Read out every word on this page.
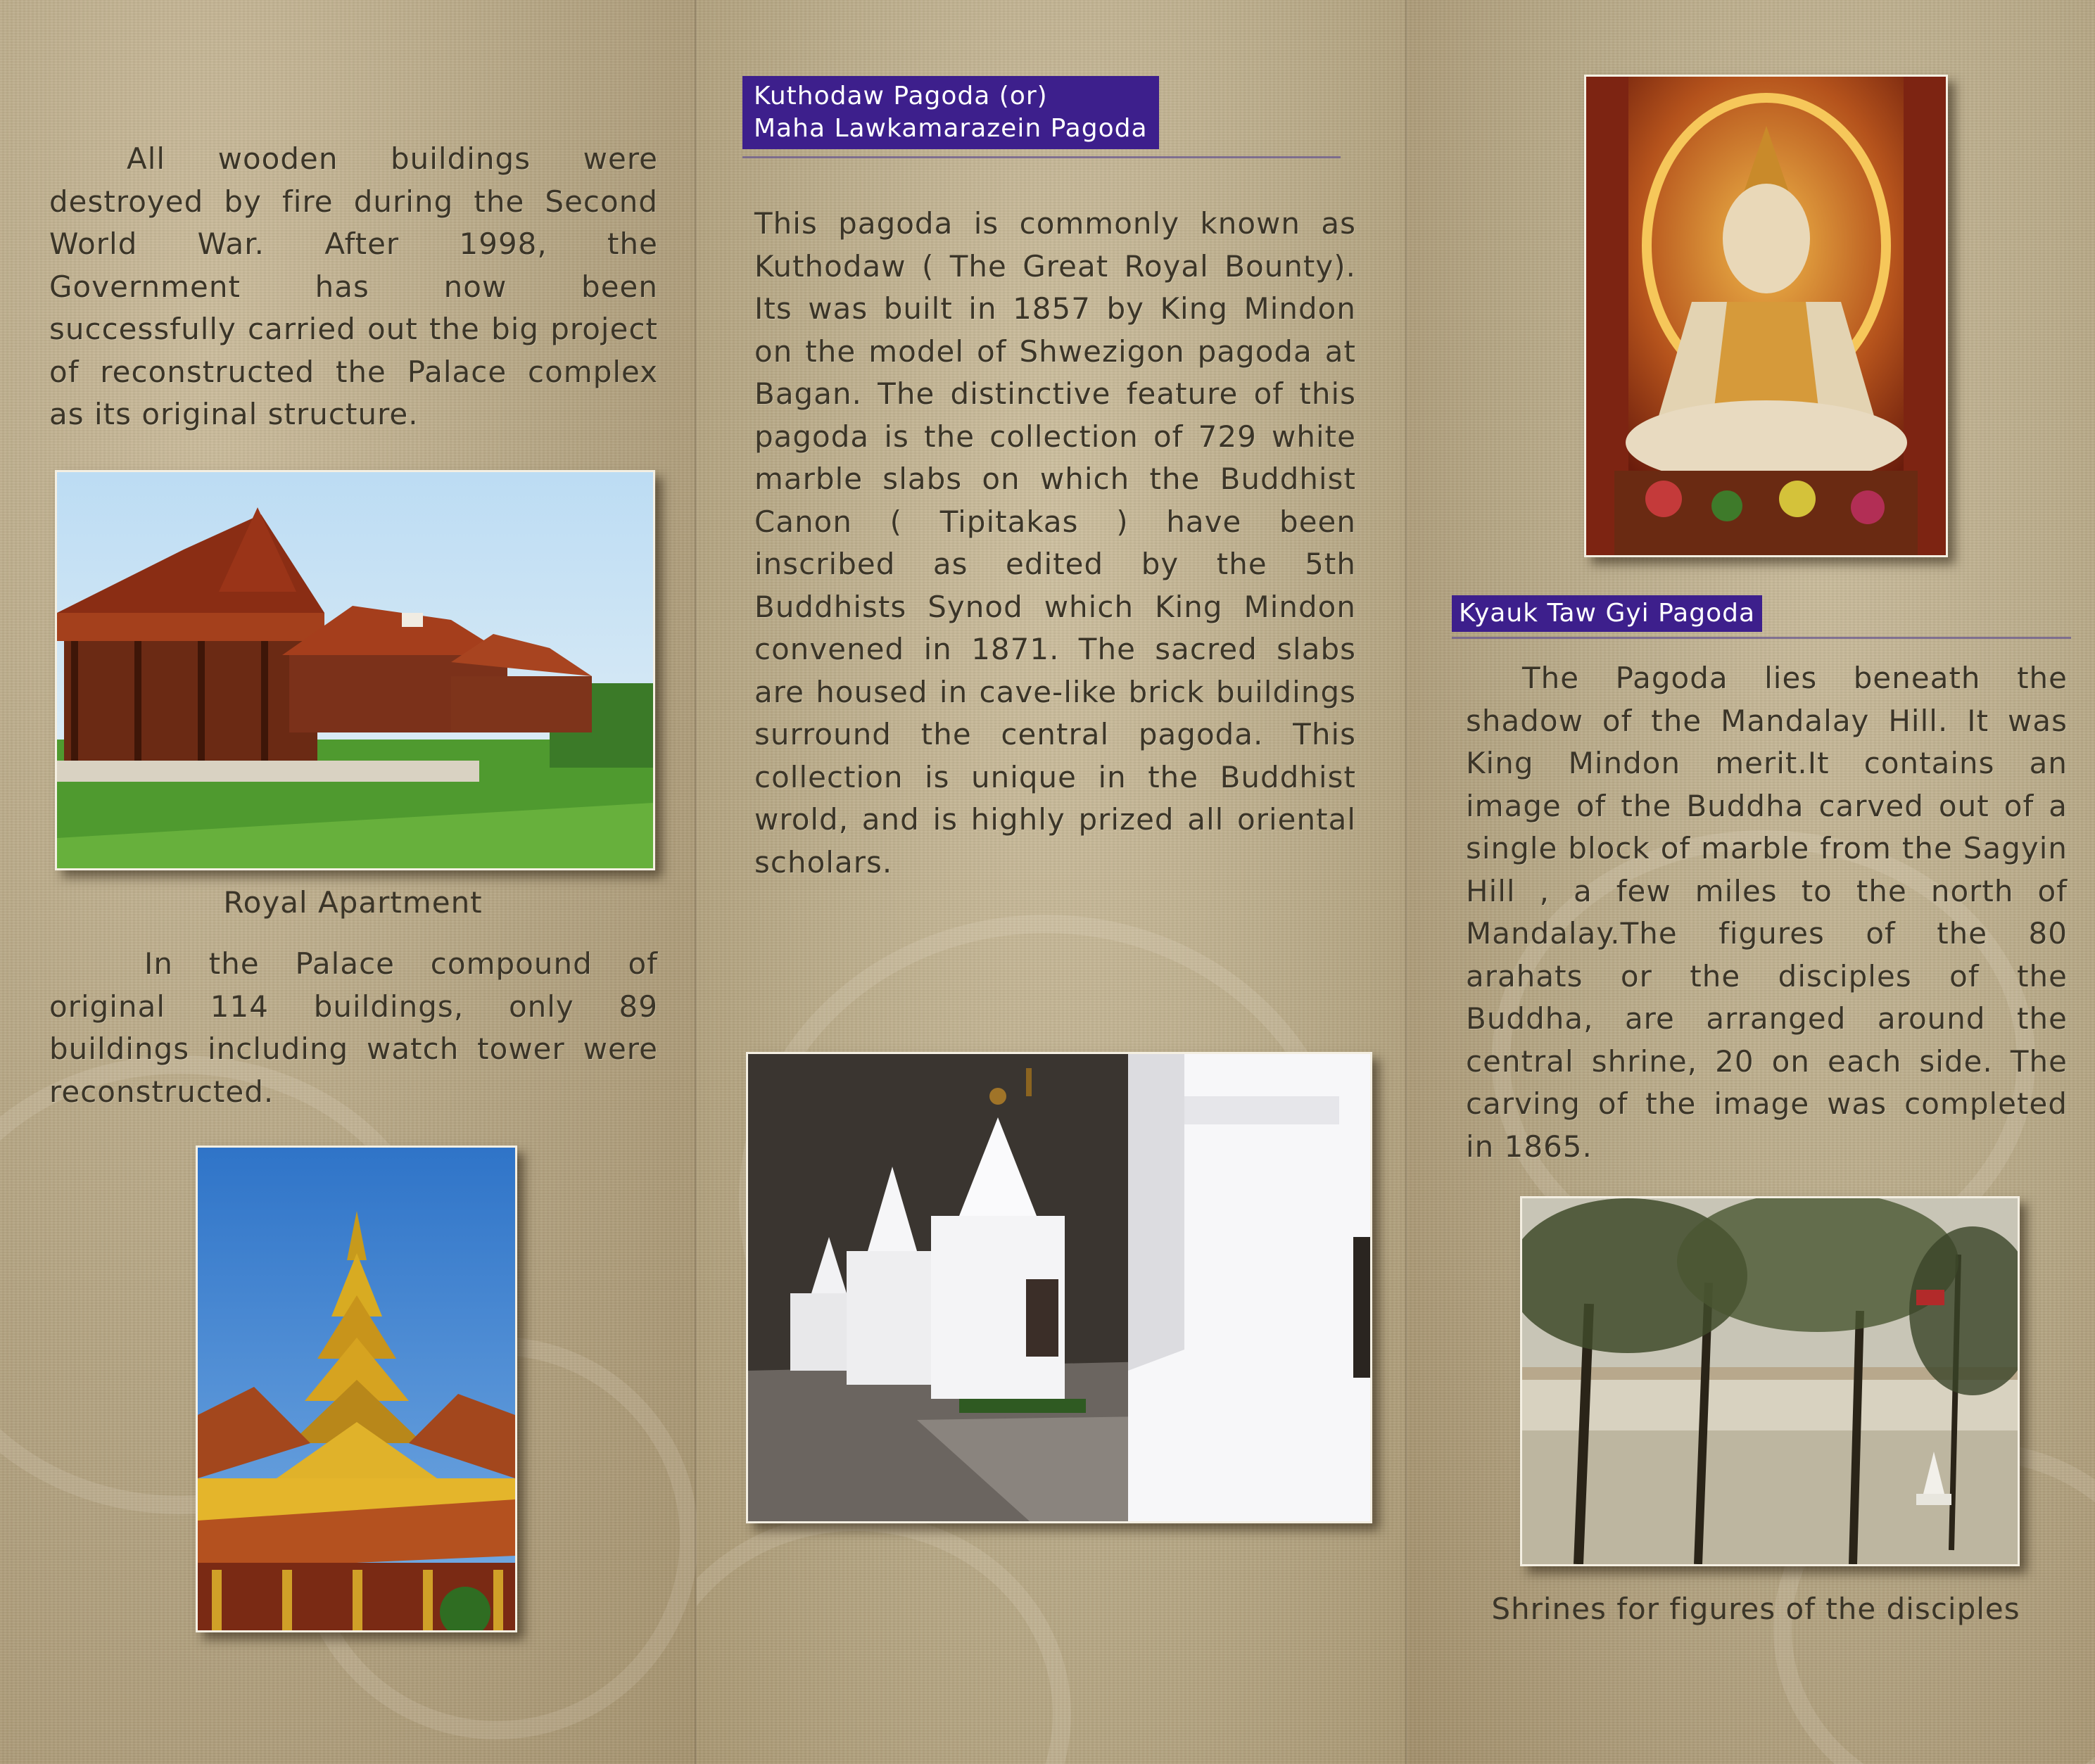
All wooden buildings were destroyed by fire during the Second World War. After 1998, the Government has now been successfully carried out the big project of reconstructed the Palace complex as its original structure.

Royal Apartment

In the Palace compound of original 114 buildings, only 89 buildings including watch tower were reconstructed.

Kuthodaw Pagoda (or)
Maha Lawkamarazein Pagoda

This pagoda is commonly known as Kuthodaw ( The Great Royal Bounty). Its was built in 1857 by King Mindon on the model of Shwezigon pagoda at Bagan. The distinctive feature of this pagoda is the collection of 729 white marble slabs on which the Buddhist Canon ( Tipitakas ) have been inscribed as edited by the 5th Buddhists Synod which King Mindon convened in 1871. The sacred slabs are housed in cave-like brick buildings surround the central pagoda. This collection is unique in the Buddhist wrold, and is highly prized all oriental scholars.

Kyauk Taw Gyi Pagoda

The Pagoda lies beneath the shadow of the Mandalay Hill. It was King Mindon merit.It contains an image of the Buddha carved out of a single block of marble from the Sagyin Hill , a few miles to the north of Mandalay.The figures of the 80 arahats or the disciples of the Buddha, are arranged around the central shrine, 20 on each side. The carving of the image was completed in 1865.

Shrines for figures of the disciples
